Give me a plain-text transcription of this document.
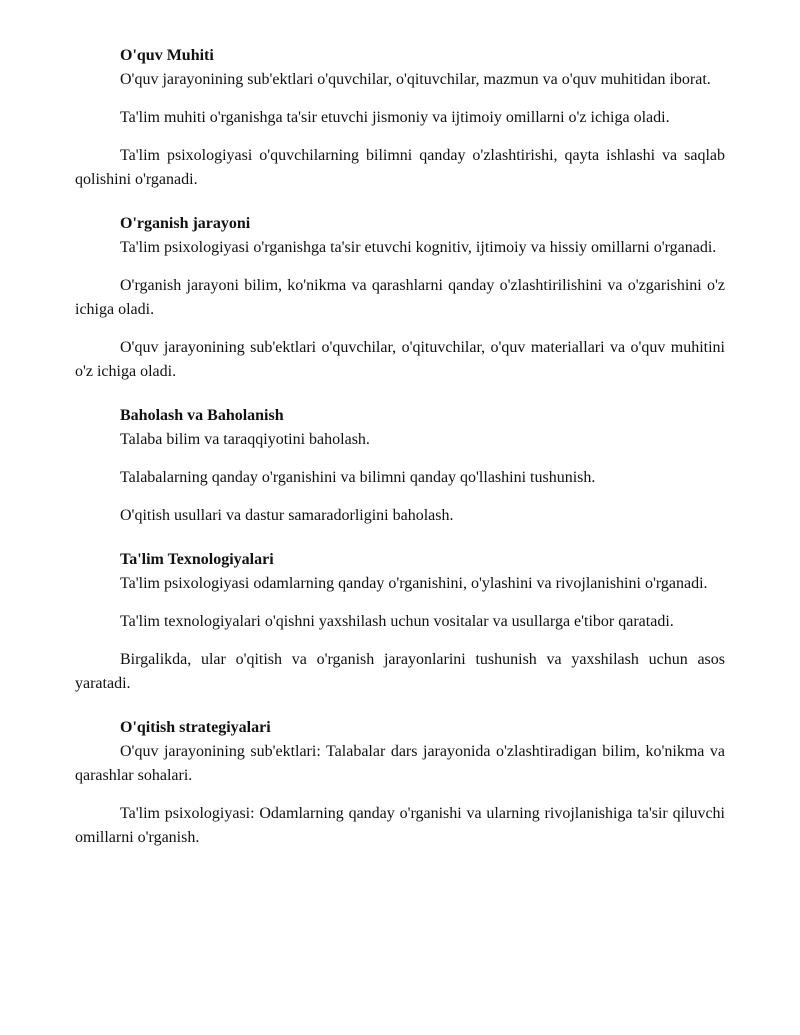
O'quv Muhiti

O'quv jarayonining sub'ektlari o'quvchilar, o'qituvchilar, mazmun va o'quv muhitidan iborat.

Ta'lim muhiti o'rganishga ta'sir etuvchi jismoniy va ijtimoiy omillarni o'z ichiga oladi.

Ta'lim psixologiyasi o'quvchilarning bilimni qanday o'zlashtirishi, qayta ishlashi va saqlab qolishini o'rganadi.

O'rganish jarayoni

Ta'lim psixologiyasi o'rganishga ta'sir etuvchi kognitiv, ijtimoiy va hissiy omillarni o'rganadi.

O'rganish jarayoni bilim, ko'nikma va qarashlarni qanday o'zlashtirilishini va o'zgarishini o'z ichiga oladi.

O'quv jarayonining sub'ektlari o'quvchilar, o'qituvchilar, o'quv materiallari va o'quv muhitini o'z ichiga oladi.

Baholash va Baholanish

Talaba bilim va taraqqiyotini baholash.

Talabalarning qanday o'rganishini va bilimni qanday qo'llashini tushunish.

O'qitish usullari va dastur samaradorligini baholash.

Ta'lim Texnologiyalari

Ta'lim psixologiyasi odamlarning qanday o'rganishini, o'ylashini va rivojlanishini o'rganadi.

Ta'lim texnologiyalari o'qishni yaxshilash uchun vositalar va usullarga e'tibor qaratadi.

Birgalikda, ular o'qitish va o'rganish jarayonlarini tushunish va yaxshilash uchun asos yaratadi.

O'qitish strategiyalari

O'quv jarayonining sub'ektlari: Talabalar dars jarayonida o'zlashtiradigan bilim, ko'nikma va qarashlar sohalari.

Ta'lim psixologiyasi: Odamlarning qanday o'rganishi va ularning rivojlanishiga ta'sir qiluvchi omillarni o'rganish.
